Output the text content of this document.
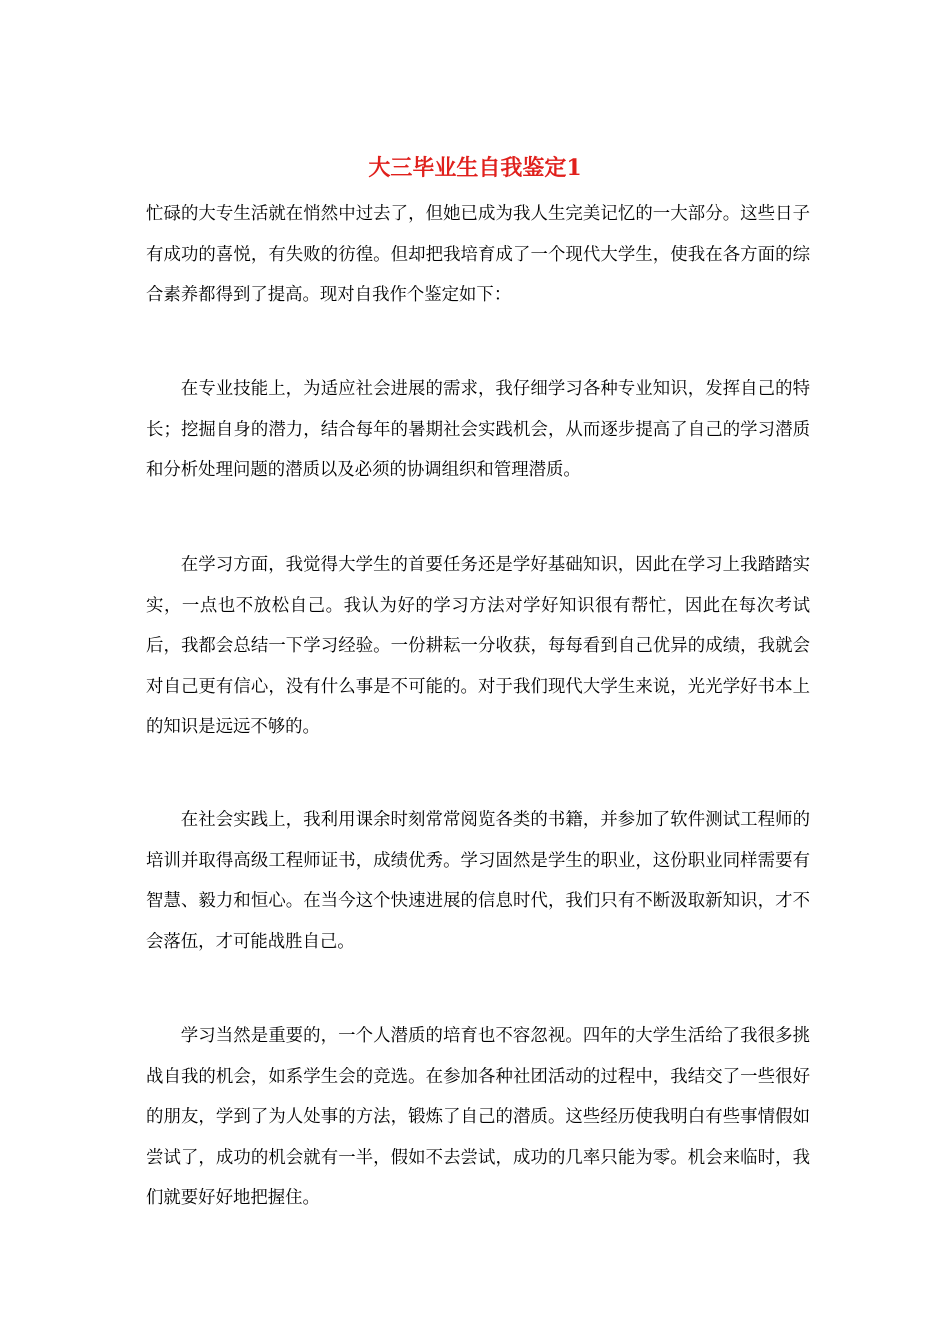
大三毕业生自我鉴定1

忙碌的大专生活就在悄然中过去了，但她已成为我人生完美记忆的一大部分。这些日子有成功的喜悦，有失败的彷徨。但却把我培育成了一个现代大学生，使我在各方面的综合素养都得到了提高。现对自我作个鉴定如下：

在专业技能上，为适应社会进展的需求，我仔细学习各种专业知识，发挥自己的特长；挖掘自身的潜力，结合每年的暑期社会实践机会，从而逐步提高了自己的学习潜质和分析处理问题的潜质以及必须的协调组织和管理潜质。

在学习方面，我觉得大学生的首要任务还是学好基础知识，因此在学习上我踏踏实实，一点也不放松自己。我认为好的学习方法对学好知识很有帮忙，因此在每次考试后，我都会总结一下学习经验。一份耕耘一分收获，每每看到自己优异的成绩，我就会对自己更有信心，没有什么事是不可能的。对于我们现代大学生来说，光光学好书本上的知识是远远不够的。

在社会实践上，我利用课余时刻常常阅览各类的书籍，并参加了软件测试工程师的培训并取得高级工程师证书，成绩优秀。学习固然是学生的职业，这份职业同样需要有智慧、毅力和恒心。在当今这个快速进展的信息时代，我们只有不断汲取新知识，才不会落伍，才可能战胜自己。

学习当然是重要的，一个人潜质的培育也不容忽视。四年的大学生活给了我很多挑战自我的机会，如系学生会的竞选。在参加各种社团活动的过程中，我结交了一些很好的朋友，学到了为人处事的方法，锻炼了自己的潜质。这些经历使我明白有些事情假如尝试了，成功的机会就有一半，假如不去尝试，成功的几率只能为零。机会来临时，我们就要好好地把握住。
